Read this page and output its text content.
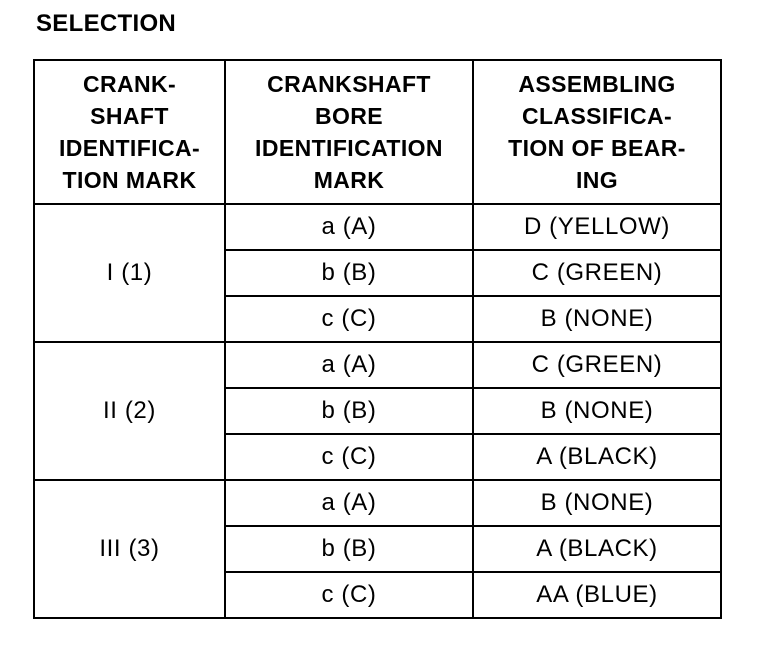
SELECTION
CRANK-
SHAFT
IDENTIFICA-
TION MARK	CRANKSHAFT
BORE
IDENTIFICATION
MARK	ASSEMBLING
CLASSIFICA-
TION OF BEAR-
ING

I (1)	a (A)	D (YELLOW)
	b (B)	C (GREEN)
	c (C)	B (NONE)
II (2)	a (A)	C (GREEN)
	b (B)	B (NONE)
	c (C)	A (BLACK)
III (3)	a (A)	B (NONE)
	b (B)	A (BLACK)
	c (C)	AA (BLUE)
